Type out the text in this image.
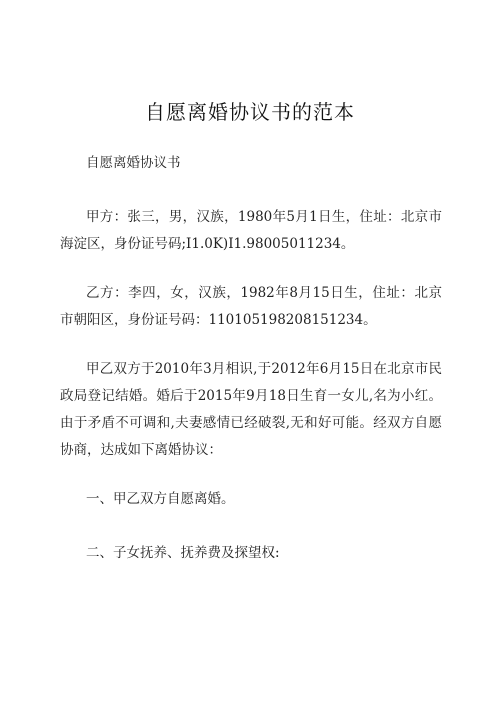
自愿离婚协议书的范本
自愿离婚协议书
甲方：张三，男，汉族，1980年5月1日生，住址：北京市海淀区，身份证号码;I1.0K)I1.98005011234。
乙方：李四，女，汉族，1982年8月15日生，住址：北京市朝阳区，身份证号码：110105198208151234。
甲乙双方于2010年3月相识,于2012年6月15日在北京市民政局登记结婚。婚后于2015年9月18日生育一女儿,名为小红。由于矛盾不可调和,夫妻感情已经破裂,无和好可能。经双方自愿协商，达成如下离婚协议：
一、甲乙双方自愿离婚。
二、子女抚养、抚养费及探望权:
